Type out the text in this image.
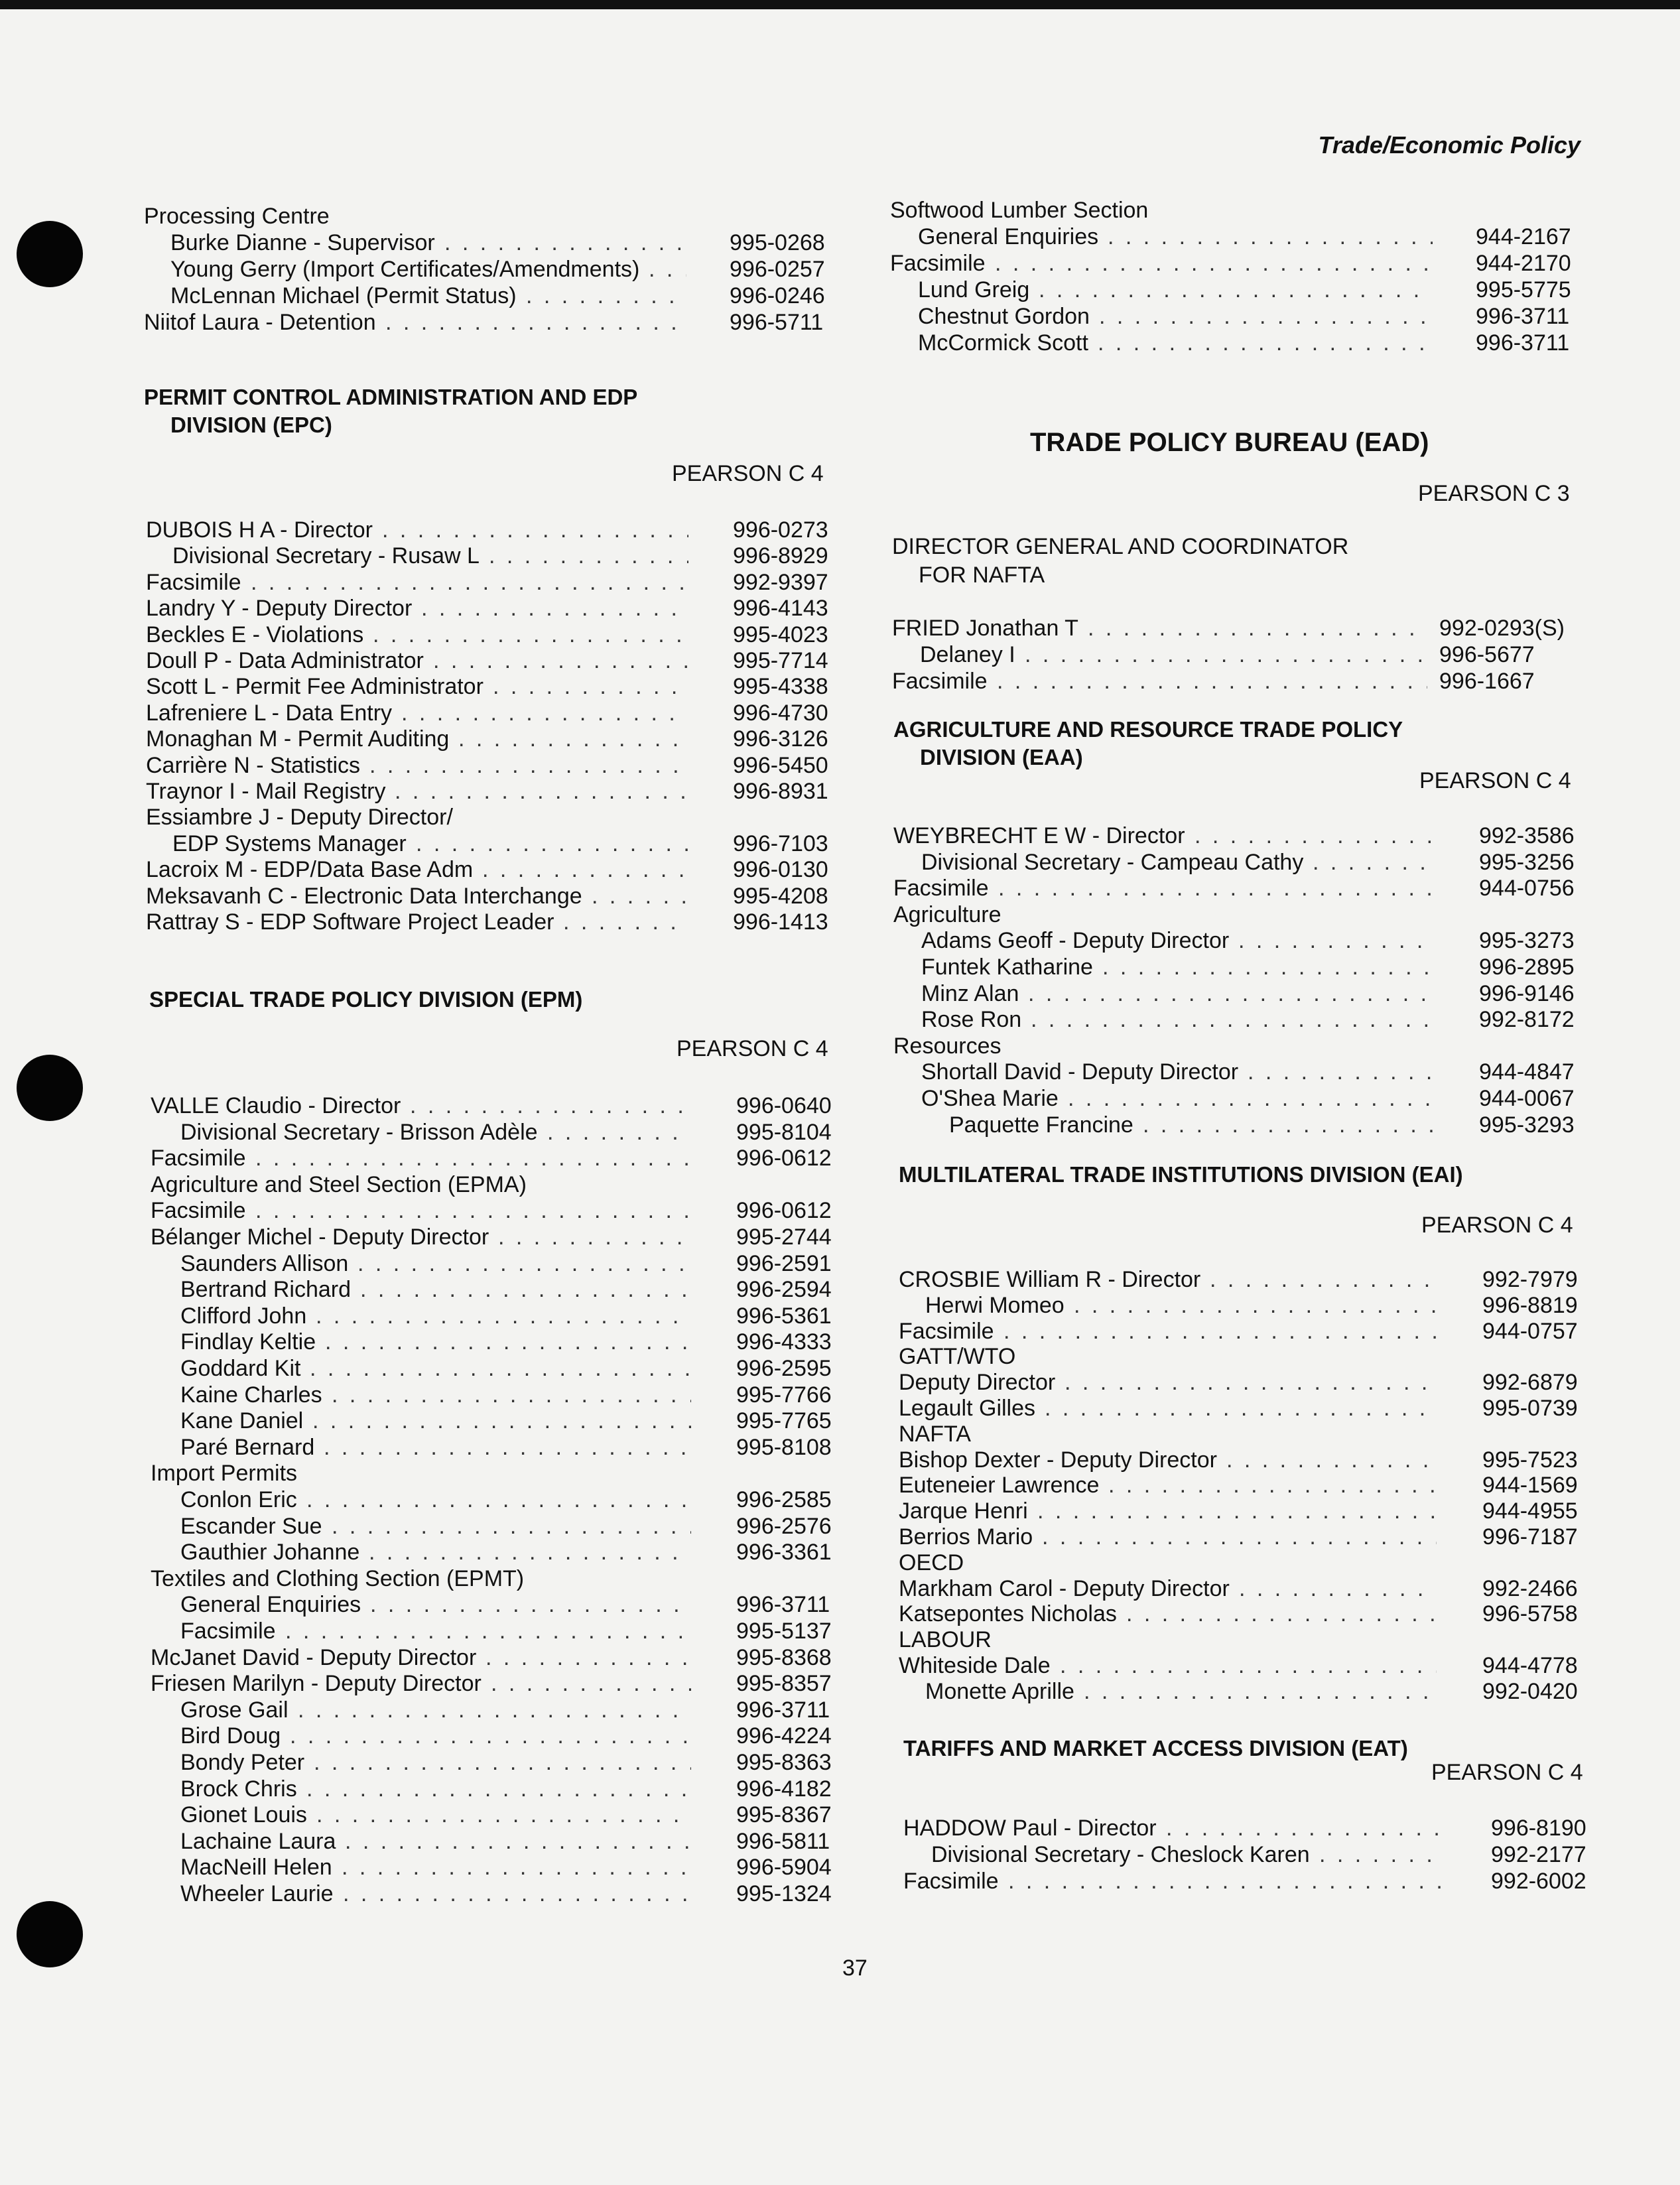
Trade/Economic Policy
Processing Centre
Burke Dianne - Supervisor . . .	995-0268
Young Gerry (Import Certificates/Amendments) . . .	996-0257
McLennan Michael (Permit Status) . . .	996-0246
Niitof Laura - Detention . . .	996-5711
PERMIT CONTROL ADMINISTRATION AND EDP
DIVISION (EPC)
PEARSON C 4
DUBOIS H A - Director . . .	996-0273
Divisional Secretary - Rusaw L . . .	996-8929
Facsimile . . .	992-9397
Landry Y - Deputy Director . . .	996-4143
Beckles E - Violations . . .	995-4023
Doull P - Data Administrator . . .	995-7714
Scott L - Permit Fee Administrator . . .	995-4338
Lafreniere L - Data Entry . . .	996-4730
Monaghan M - Permit Auditing . . .	996-3126
Carrière N - Statistics . . .	996-5450
Traynor I - Mail Registry . . .	996-8931
Essiambre J - Deputy Director/
EDP Systems Manager . . .	996-7103
Lacroix M - EDP/Data Base Adm . . .	996-0130
Meksavanh C - Electronic Data Interchange . . .	995-4208
Rattray S - EDP Software Project Leader . . .	996-1413
SPECIAL TRADE POLICY DIVISION (EPM)
PEARSON C 4
VALLE Claudio - Director . . .	996-0640
Divisional Secretary - Brisson Adèle . . .	995-8104
Facsimile . . .	996-0612
Agriculture and Steel Section (EPMA)
Facsimile . . .	996-0612
Bélanger Michel - Deputy Director . . .	995-2744
Saunders Allison . . .	996-2591
Bertrand Richard . . .	996-2594
Clifford John . . .	996-5361
Findlay Keltie . . .	996-4333
Goddard Kit . . .	996-2595
Kaine Charles . . .	995-7766
Kane Daniel . . .	995-7765
Paré Bernard . . .	995-8108
Import Permits
Conlon Eric . . .	996-2585
Escander Sue . . .	996-2576
Gauthier Johanne . . .	996-3361
Textiles and Clothing Section (EPMT)
General Enquiries . . .	996-3711
Facsimile . . .	995-5137
McJanet David - Deputy Director . . .	995-8368
Friesen Marilyn - Deputy Director . . .	995-8357
Grose Gail . . .	996-3711
Bird Doug . . .	996-4224
Bondy Peter . . .	995-8363
Brock Chris . . .	996-4182
Gionet Louis . . .	995-8367
Lachaine Laura . . .	996-5811
MacNeill Helen . . .	996-5904
Wheeler Laurie . . .	995-1324
Softwood Lumber Section
General Enquiries . . .	944-2167
Facsimile . . .	944-2170
Lund Greig . . .	995-5775
Chestnut Gordon . . .	996-3711
McCormick Scott . . .	996-3711
TRADE POLICY BUREAU (EAD)
PEARSON C 3
DIRECTOR GENERAL AND COORDINATOR
FOR NAFTA
FRIED Jonathan T . . .	992-0293(S)
Delaney I . . .	996-5677
Facsimile . . .	996-1667
AGRICULTURE AND RESOURCE TRADE POLICY
DIVISION (EAA)
PEARSON C 4
WEYBRECHT E W - Director . . .	992-3586
Divisional Secretary - Campeau Cathy . . .	995-3256
Facsimile . . .	944-0756
Agriculture
Adams Geoff - Deputy Director . . .	995-3273
Funtek Katharine . . .	996-2895
Minz Alan . . .	996-9146
Rose Ron . . .	992-8172
Resources
Shortall David - Deputy Director . . .	944-4847
O'Shea Marie . . .	944-0067
Paquette Francine . . .	995-3293
MULTILATERAL TRADE INSTITUTIONS DIVISION (EAI)
PEARSON C 4
CROSBIE William R - Director . . .	992-7979
Herwi Momeo . . .	996-8819
Facsimile . . .	944-0757
GATT/WTO
Deputy Director . . .	992-6879
Legault Gilles . . .	995-0739
NAFTA
Bishop Dexter - Deputy Director . . .	995-7523
Euteneier Lawrence . . .	944-1569
Jarque Henri . . .	944-4955
Berrios Mario . . .	996-7187
OECD
Markham Carol - Deputy Director . . .	992-2466
Katsepontes Nicholas . . .	996-5758
LABOUR
Whiteside Dale . . .	944-4778
Monette Aprille . . .	992-0420
TARIFFS AND MARKET ACCESS DIVISION (EAT)
PEARSON C 4
HADDOW Paul - Director . . .	996-8190
Divisional Secretary - Cheslock Karen . . .	992-2177
Facsimile . . .	992-6002
37
